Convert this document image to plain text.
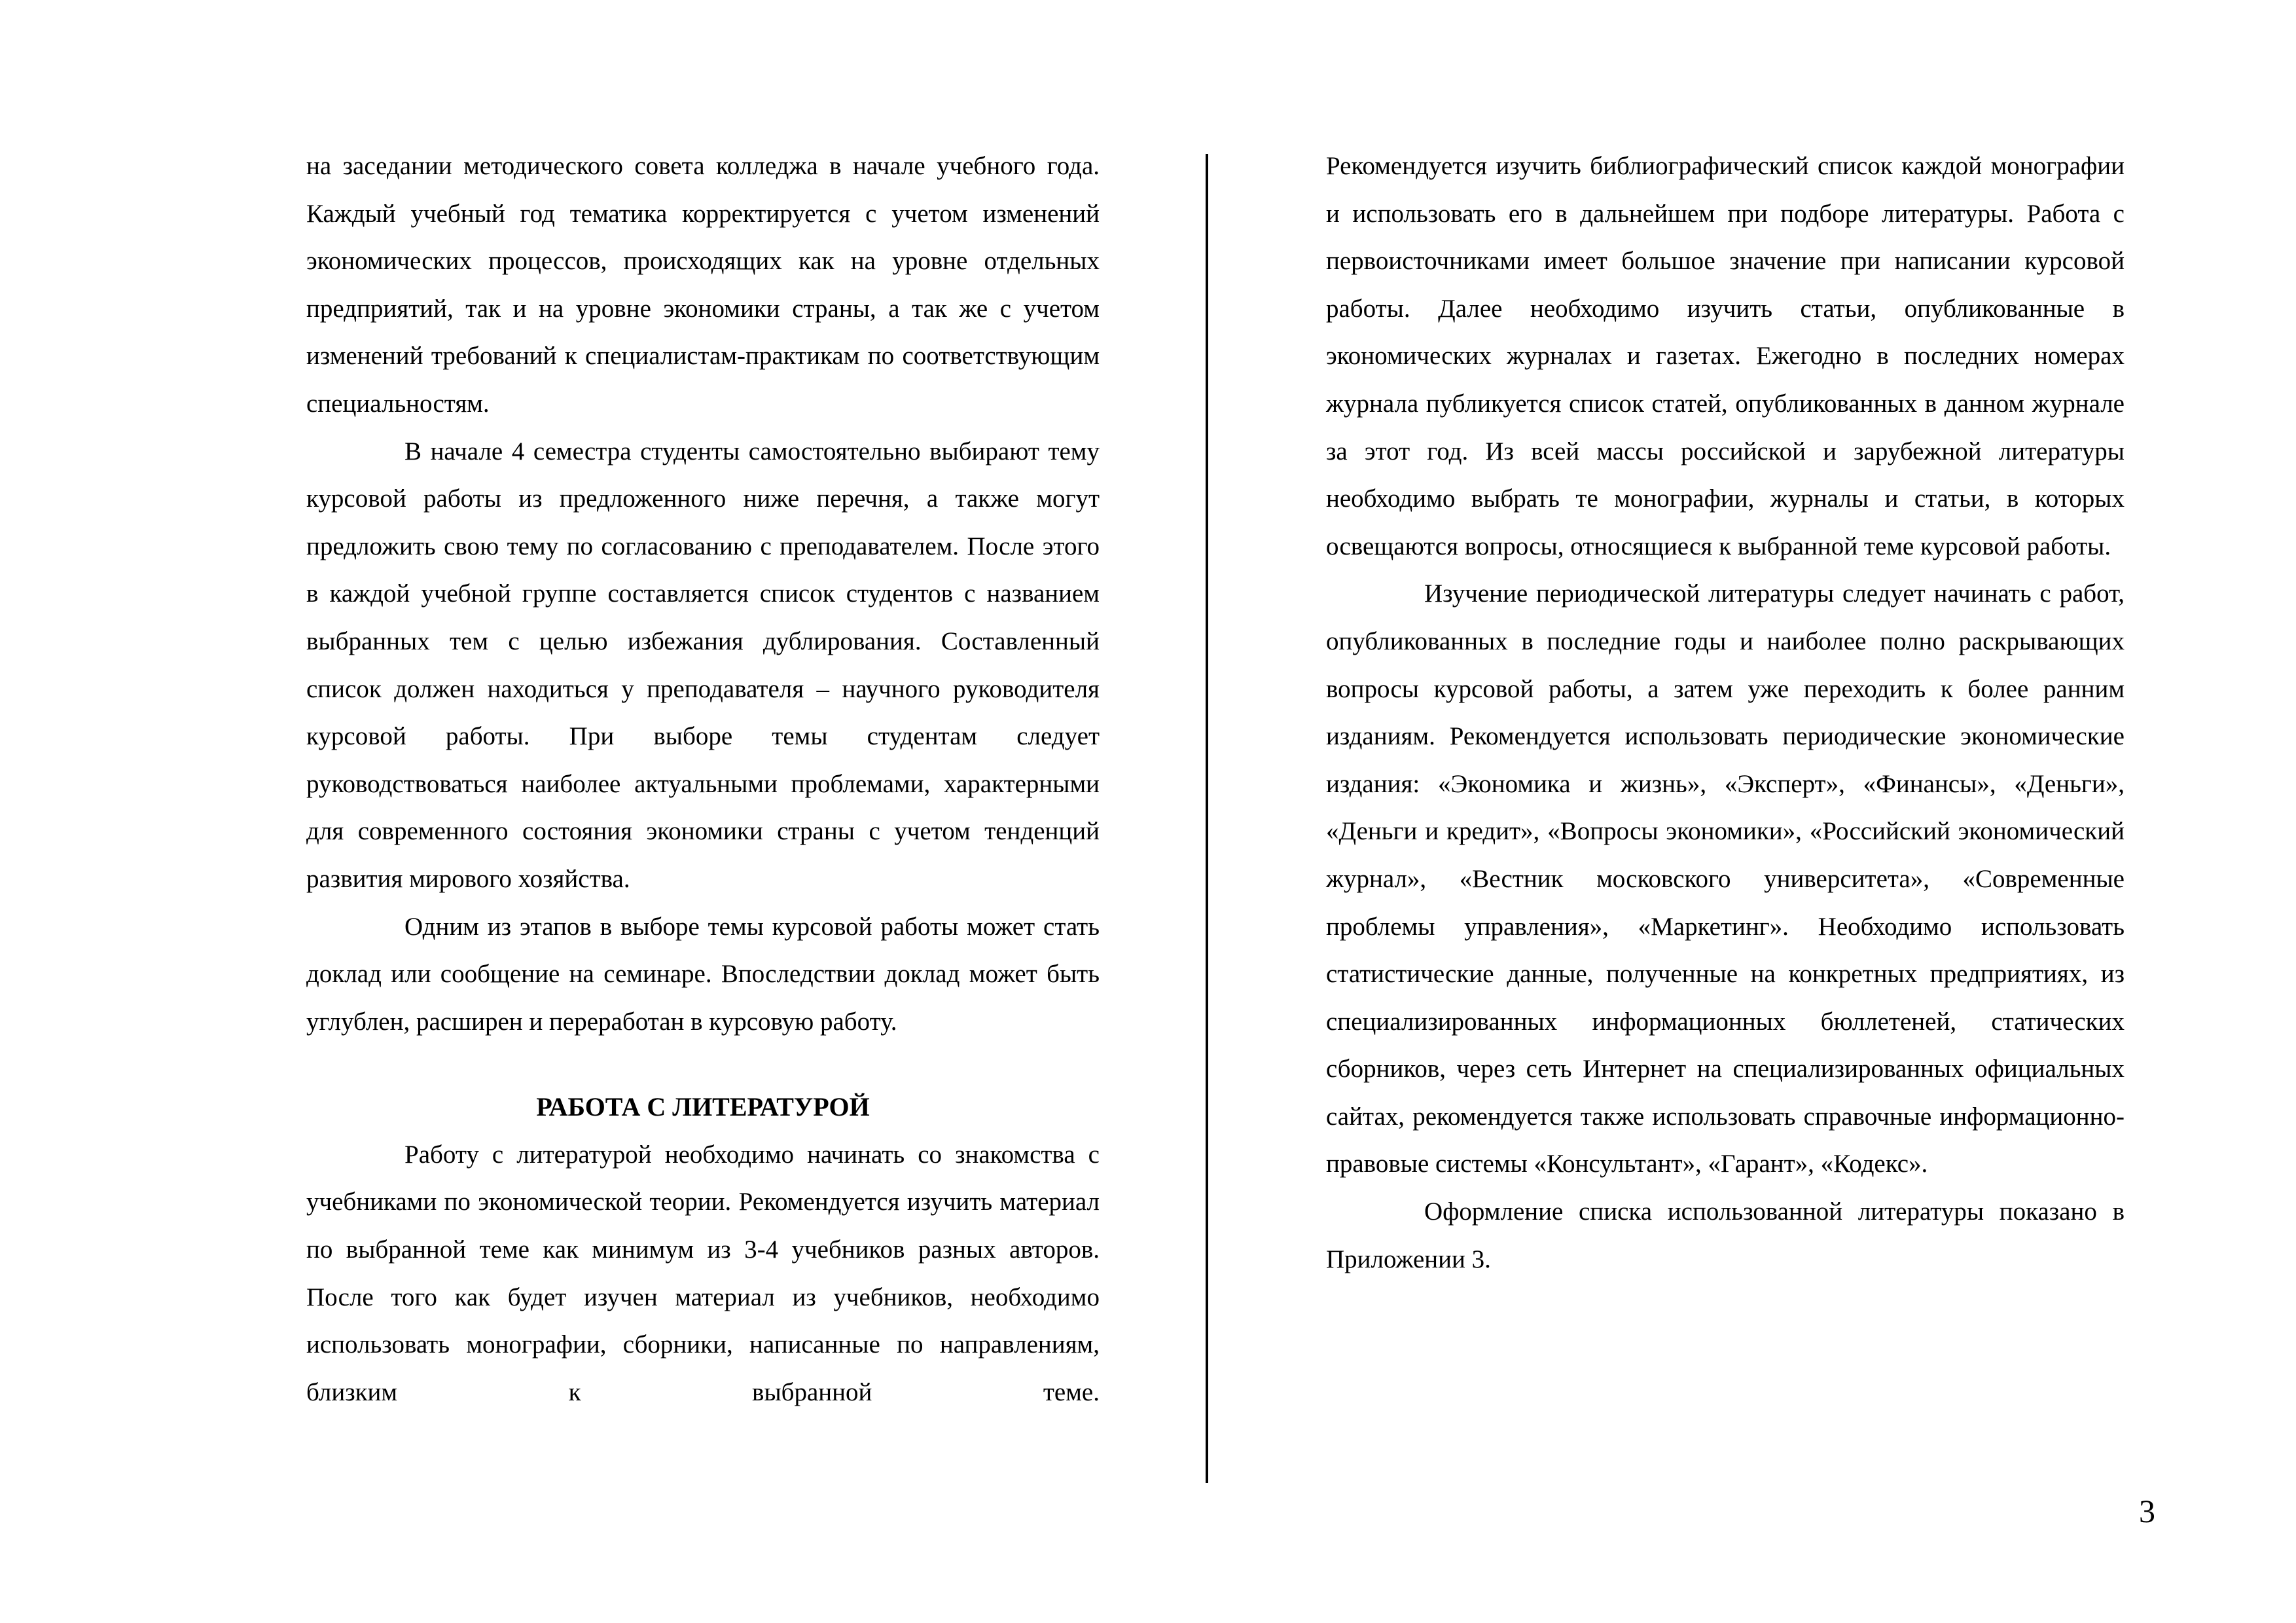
на заседании методического совета колледжа в начале учебного года. Каждый учебный год тематика корректируется с учетом изменений экономических процессов, происходящих как на уровне отдельных предприятий, так и на уровне экономики страны, а так же с учетом изменений требований к специалистам-практикам по соответствующим специальностям.

В начале 4 семестра студенты самостоятельно выбирают тему курсовой работы из предложенного ниже перечня, а также могут предложить свою тему по согласованию с преподавателем. После этого в каждой учебной группе составляется список студентов с названием выбранных тем с целью избежания дублирования. Составленный список должен находиться у преподавателя – научного руководителя курсовой работы. При выборе темы студентам следует руководствоваться наиболее актуальными проблемами, характерными для современного состояния экономики страны с учетом тенденций развития мирового хозяйства.

Одним из этапов в выборе темы курсовой работы может стать доклад или сообщение на семинаре. Впоследствии доклад может быть углублен, расширен и переработан в курсовую работу.

РАБОТА С ЛИТЕРАТУРОЙ

Работу с литературой необходимо начинать со знакомства с учебниками по экономической теории. Рекомендуется изучить материал по выбранной теме как минимум из 3-4 учебников разных авторов. После того как будет изучен материал из учебников, необходимо использовать монографии, сборники, написанные по направлениям, близким к выбранной теме.

Рекомендуется изучить библиографический список каждой монографии и использовать его в дальнейшем при подборе литературы. Работа с первоисточниками имеет большое значение при написании курсовой работы. Далее необходимо изучить статьи, опубликованные в экономических журналах и газетах. Ежегодно в последних номерах журнала публикуется список статей, опубликованных в данном журнале за этот год. Из всей массы российской и зарубежной литературы необходимо выбрать те монографии, журналы и статьи, в которых освещаются вопросы, относящиеся к выбранной теме курсовой работы.

Изучение периодической литературы следует начинать с работ, опубликованных в последние годы и наиболее полно раскрывающих вопросы курсовой работы, а затем уже переходить к более ранним изданиям. Рекомендуется использовать периодические экономические издания: «Экономика и жизнь», «Эксперт», «Финансы», «Деньги», «Деньги и кредит», «Вопросы экономики», «Российский экономический журнал», «Вестник московского университета», «Современные проблемы управления», «Маркетинг». Необходимо использовать статистические данные, полученные на конкретных предприятиях, из специализированных информационных бюллетеней, статических сборников, через сеть Интернет на специализированных официальных сайтах, рекомендуется также использовать справочные информационно-правовые системы «Консультант», «Гарант», «Кодекс».

Оформление списка использованной литературы показано в Приложении 3.

3
